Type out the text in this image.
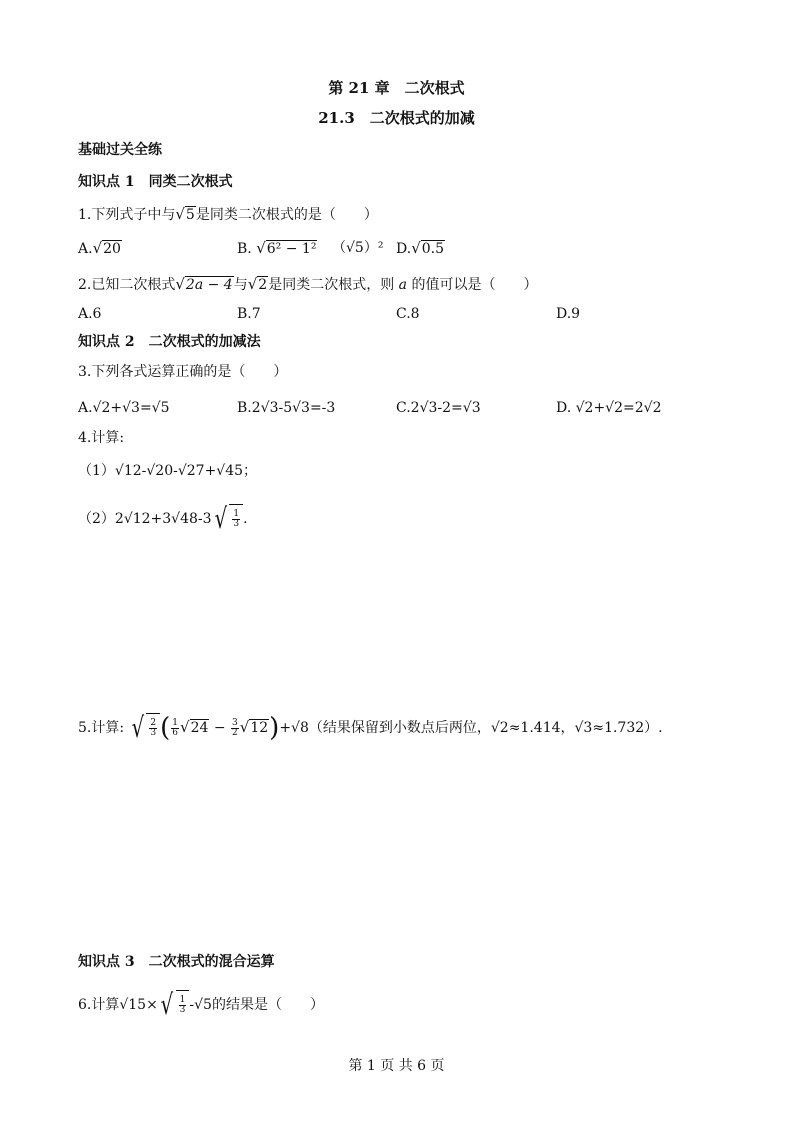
第 21 章　二次根式
21.3　二次根式的加减
基础过关全练
知识点 1　同类二次根式
1.下列式子中与√5是同类二次根式的是（　　）
A.√20	B. √6² − 1² （√5）² D.√0.5
2.已知二次根式√2a − 4与√2是同类二次根式，则 a 的值可以是（　　）
A.6	B.7	C.8	D.9
知识点 2　二次根式的加减法
3.下列各式运算正确的是（　　）
A.√2+√3=√5	B.2√3-5√3=-3	C.2√3-2=√3	D. √2+√2=2√2
4.计算:
（1）√12-√20-√27+√45；
（2）2√12+3√48-3 √ $\frac{1}{3}$ .
5.计算: √ $\frac{2}{3}$ ( $\frac{1}{6} √24 - \frac{3}{2} √12)+√8$（结果保留到小数点后两位，√2≈1.414，√3≈1.732）.
知识点 3　二次根式的混合运算
6.计算√15× √ $\frac{1}{3} -√5$的结果是（　　）
第 1 页 共 6 页
